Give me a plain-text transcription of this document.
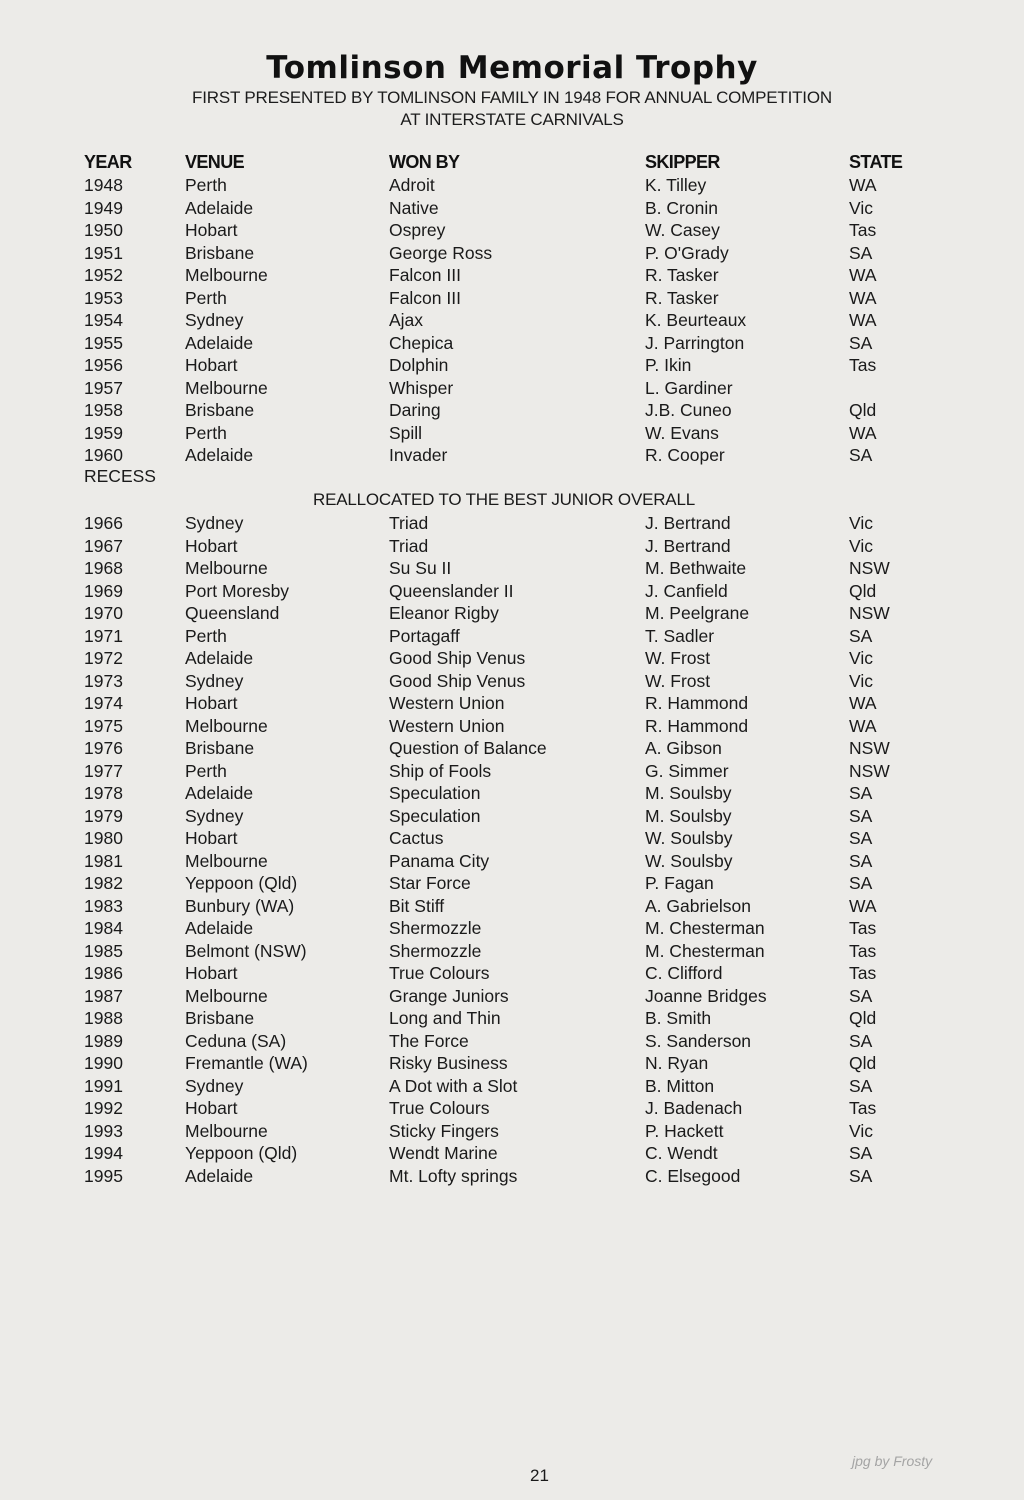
Tomlinson Memorial Trophy
FIRST PRESENTED BY TOMLINSON FAMILY IN 1948 FOR ANNUAL COMPETITION
AT INTERSTATE CARNIVALS
YEAR	VENUE	WON BY	SKIPPER	STATE
1948	Perth	Adroit	K. Tilley	WA
1949	Adelaide	Native	B. Cronin	Vic
1950	Hobart	Osprey	W. Casey	Tas
1951	Brisbane	George Ross	P. O'Grady	SA
1952	Melbourne	Falcon III	R. Tasker	WA
1953	Perth	Falcon III	R. Tasker	WA
1954	Sydney	Ajax	K. Beurteaux	WA
1955	Adelaide	Chepica	J. Parrington	SA
1956	Hobart	Dolphin	P. Ikin	Tas
1957	Melbourne	Whisper	L. Gardiner
1958	Brisbane	Daring	J.B. Cuneo	Qld
1959	Perth	Spill	W. Evans	WA
1960	Adelaide	Invader	R. Cooper	SA
RECESS
REALLOCATED TO THE BEST JUNIOR OVERALL
1966	Sydney	Triad	J. Bertrand	Vic
1967	Hobart	Triad	J. Bertrand	Vic
1968	Melbourne	Su Su II	M. Bethwaite	NSW
1969	Port Moresby	Queenslander II	J. Canfield	Qld
1970	Queensland	Eleanor Rigby	M. Peelgrane	NSW
1971	Perth	Portagaff	T. Sadler	SA
1972	Adelaide	Good Ship Venus	W. Frost	Vic
1973	Sydney	Good Ship Venus	W. Frost	Vic
1974	Hobart	Western Union	R. Hammond	WA
1975	Melbourne	Western Union	R. Hammond	WA
1976	Brisbane	Question of Balance	A. Gibson	NSW
1977	Perth	Ship of Fools	G. Simmer	NSW
1978	Adelaide	Speculation	M. Soulsby	SA
1979	Sydney	Speculation	M. Soulsby	SA
1980	Hobart	Cactus	W. Soulsby	SA
1981	Melbourne	Panama City	W. Soulsby	SA
1982	Yeppoon (Qld)	Star Force	P. Fagan	SA
1983	Bunbury (WA)	Bit Stiff	A. Gabrielson	WA
1984	Adelaide	Shermozzle	M. Chesterman	Tas
1985	Belmont (NSW)	Shermozzle	M. Chesterman	Tas
1986	Hobart	True Colours	C. Clifford	Tas
1987	Melbourne	Grange Juniors	Joanne Bridges	SA
1988	Brisbane	Long and Thin	B. Smith	Qld
1989	Ceduna (SA)	The Force	S. Sanderson	SA
1990	Fremantle (WA)	Risky Business	N. Ryan	Qld
1991	Sydney	A Dot with a Slot	B. Mitton	SA
1992	Hobart	True Colours	J. Badenach	Tas
1993	Melbourne	Sticky Fingers	P. Hackett	Vic
1994	Yeppoon (Qld)	Wendt Marine	C. Wendt	SA
1995	Adelaide	Mt. Lofty springs	C. Elsegood	SA
21
jpg by Frosty
